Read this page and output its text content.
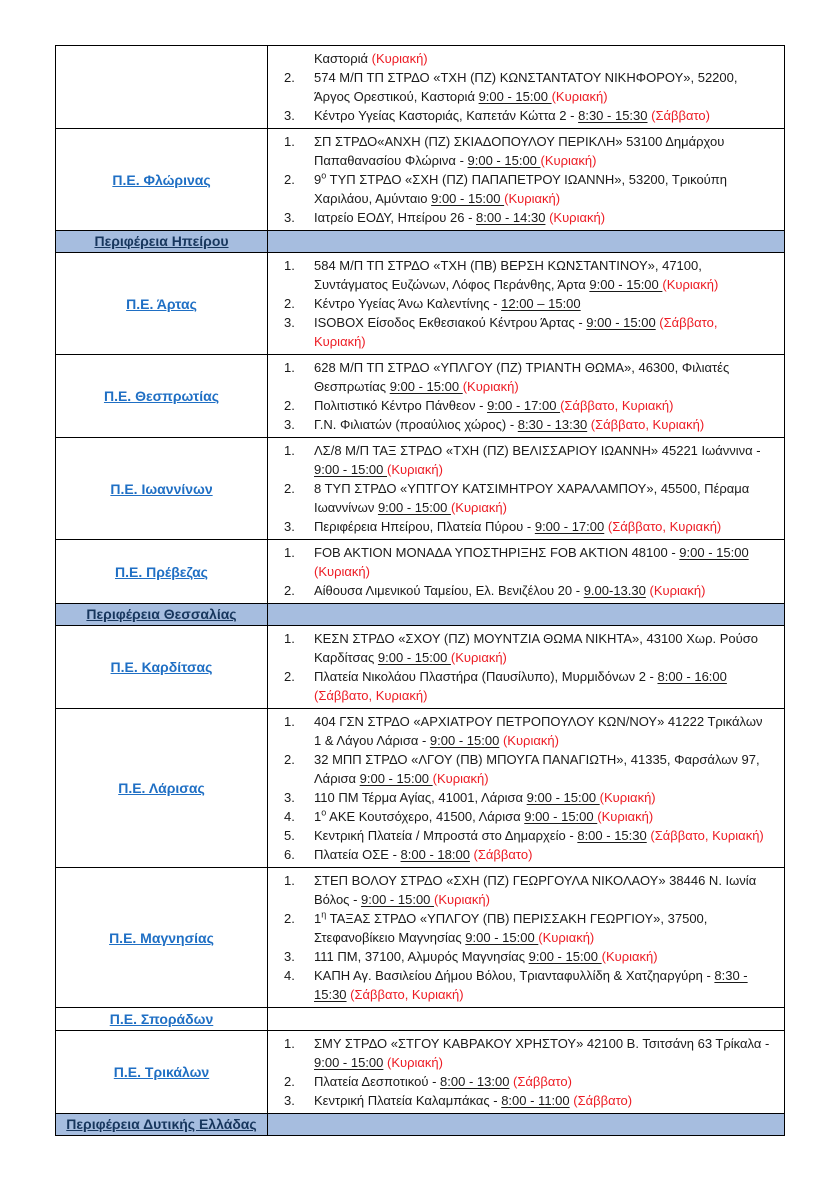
Καστοριά (Κυριακή)
2.	574 Μ/Π ΤΠ ΣΤΡΔΟ «ΤΧΗ (ΠΖ) ΚΩΝΣΤΑΝΤΑΤΟΥ ΝΙΚΗΦΟΡΟΥ», 52200, Άργος Ορεστικού, Καστοριά 9:00 - 15:00 (Κυριακή)
3.	Κέντρο Υγείας Καστοριάς, Καπετάν Κώττα 2 - 8:30 - 15:30 (Σάββατο)
Π.Ε. Φλώρινας
1.	ΣΠ ΣΤΡΔΟ«ΑΝΧΗ (ΠΖ) ΣΚΙΑΔΟΠΟΥΛΟΥ ΠΕΡΙΚΛΗ» 53100 Δημάρχου Παπαθανασίου Φλώρινα - 9:00 - 15:00 (Κυριακή)
2.	$9^o$ ΤΥΠ ΣΤΡΔΟ «ΣΧΗ (ΠΖ) ΠΑΠΑΠΕΤΡΟΥ ΙΩΑΝΝΗ», 53200, Τρικούπη Χαριλάου, Αμύνταιο 9:00 - 15:00 (Κυριακή)
3.	Ιατρείο ΕΟΔΥ, Ηπείρου 26 - 8:00 - 14:30 (Κυριακή)
Περιφέρεια Ηπείρου
Π.Ε. Άρτας
1.	584 Μ/Π ΤΠ ΣΤΡΔΟ «ΤΧΗ (ΠΒ) ΒΕΡΣΗ ΚΩΝΣΤΑΝΤΙΝΟΥ», 47100, Συντάγματος Ευζώνων, Λόφος Περάνθης, Άρτα 9:00 - 15:00 (Κυριακή)
2.	Κέντρο Υγείας Άνω Καλεντίνης - 12:00 – 15:00
3.	ISOBOX Είσοδος Εκθεσιακού Κέντρου Άρτας - 9:00 - 15:00 (Σάββατο, Κυριακή)
Π.Ε. Θεσπρωτίας
1.	628 Μ/Π ΤΠ ΣΤΡΔΟ «ΥΠΛΓΟΥ (ΠΖ) ΤΡΙΑΝΤΗ ΘΩΜΑ», 46300, Φιλιατές Θεσπρωτίας 9:00 - 15:00 (Κυριακή)
2.	Πολιτιστικό Κέντρο Πάνθεον - 9:00 - 17:00 (Σάββατο, Κυριακή)
3.	Γ.Ν. Φιλιατών (προαύλιος χώρος) - 8:30 - 13:30 (Σάββατο, Κυριακή)
Π.Ε. Ιωαννίνων
1.	ΛΣ/8 Μ/Π ΤΑΞ ΣΤΡΔΟ «ΤΧΗ (ΠΖ) ΒΕΛΙΣΣΑΡΙΟΥ ΙΩΑΝΝΗ» 45221 Ιωάννινα - 9:00 - 15:00 (Κυριακή)
2.	8 ΤΥΠ ΣΤΡΔΟ «ΥΠΤΓΟΥ ΚΑΤΣΙΜΗΤΡΟΥ ΧΑΡΑΛΑΜΠΟΥ», 45500, Πέραμα Ιωαννίνων 9:00 - 15:00 (Κυριακή)
3.	Περιφέρεια Ηπείρου, Πλατεία Πύρου - 9:00 - 17:00 (Σάββατο, Κυριακή)
Π.Ε. Πρέβεζας
1.	FOB AKTION ΜΟΝΑΔΑ ΥΠΟΣΤΗΡΙΞΗΣ FOB AKTION 48100 - 9:00 - 15:00 (Κυριακή)
2.	Αίθουσα Λιμενικού Ταμείου, Ελ. Βενιζέλου 20 - 9.00-13.30 (Κυριακή)
Περιφέρεια Θεσσαλίας
Π.Ε. Καρδίτσας
1.	ΚΕΣΝ ΣΤΡΔΟ «ΣΧΟΥ (ΠΖ) ΜΟΥΝΤΖΙΑ ΘΩΜΑ ΝΙΚΗΤΑ», 43100 Χωρ. Ρούσο Καρδίτσας 9:00 - 15:00 (Κυριακή)
2.	Πλατεία Νικολάου Πλαστήρα (Παυσίλυπο), Μυρμιδόνων 2 - 8:00 - 16:00 (Σάββατο, Κυριακή)
Π.Ε. Λάρισας
1.	404 ΓΣΝ ΣΤΡΔΟ «ΑΡΧΙΑΤΡΟΥ ΠΕΤΡΟΠΟΥΛΟΥ ΚΩΝ/ΝΟΥ» 41222 Τρικάλων 1 & Λάγου Λάρισα - 9:00 - 15:00 (Κυριακή)
2.	32 ΜΠΠ ΣΤΡΔΟ «ΛΓΟΥ (ΠΒ) ΜΠΟΥΓΑ ΠΑΝΑΓΙΩΤΗ», 41335, Φαρσάλων 97, Λάρισα 9:00 - 15:00 (Κυριακή)
3.	110 ΠΜ Τέρμα Αγίας, 41001, Λάρισα 9:00 - 15:00 (Κυριακή)
4.	$1^o$ ΑΚΕ Κουτσόχερο, 41500, Λάρισα 9:00 - 15:00 (Κυριακή)
5.	Κεντρική Πλατεία / Μπροστά στο Δημαρχείο - 8:00 - 15:30 (Σάββατο, Κυριακή)
6.	Πλατεία ΟΣΕ - 8:00 - 18:00 (Σάββατο)
Π.Ε. Μαγνησίας
1.	ΣΤΕΠ ΒΟΛΟΥ ΣΤΡΔΟ «ΣΧΗ (ΠΖ) ΓΕΩΡΓΟΥΛΑ ΝΙΚΟΛΑΟΥ» 38446 Ν. Ιωνία Βόλος - 9:00 - 15:00 (Κυριακή)
2.	$1^\eta$ ΤΑΞΑΣ ΣΤΡΔΟ «ΥΠΛΓΟΥ (ΠΒ) ΠΕΡΙΣΣΑΚΗ ΓΕΩΡΓΙΟΥ», 37500, Στεφανοβίκειο Μαγνησίας 9:00 - 15:00 (Κυριακή)
3.	111 ΠΜ, 37100, Αλμυρός Μαγνησίας 9:00 - 15:00 (Κυριακή)
4.	ΚΑΠΗ Αγ. Βασιλείου Δήμου Βόλου, Τριανταφυλλίδη & Χατζηαργύρη - 8:30 - 15:30 (Σάββατο, Κυριακή)
Π.Ε. Σποράδων
Π.Ε. Τρικάλων
1.	ΣΜΥ ΣΤΡΔΟ «ΣΤΓΟΥ ΚΑΒΡΑΚΟΥ ΧΡΗΣΤΟΥ» 42100 Β. Τσιτσάνη 63 Τρίκαλα - 9:00 - 15:00 (Κυριακή)
2.	Πλατεία Δεσποτικού - 8:00 - 13:00 (Σάββατο)
3.	Κεντρική Πλατεία Καλαμπάκας - 8:00 - 11:00 (Σάββατο)
Περιφέρεια Δυτικής Ελλάδας
